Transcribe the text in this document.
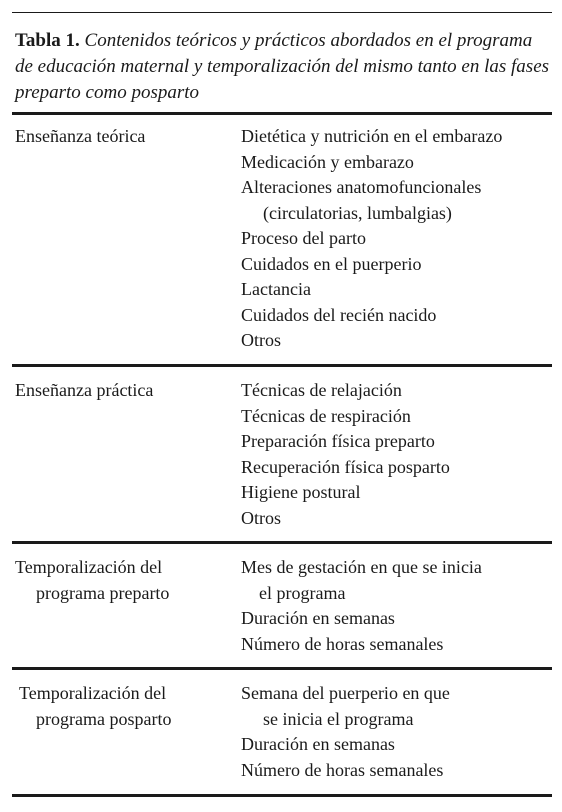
Tabla 1. Contenidos teóricos y prácticos abordados en el programa de educación maternal y temporalización del mismo tanto en las fases preparto como posparto
Enseñanza teórica	Dietética y nutrición en el embarazo
Medicación y embarazo
Alteraciones anatomofuncionales
(circulatorias, lumbalgias)
Proceso del parto
Cuidados en el puerperio
Lactancia
Cuidados del recién nacido
Otros
Enseñanza práctica	Técnicas de relajación
Técnicas de respiración
Preparación física preparto
Recuperación física posparto
Higiene postural
Otros
Temporalización del
programa preparto
Mes de gestación en que se inicia
el programa
Duración en semanas
Número de horas semanales
Temporalización del
programa posparto
Semana del puerperio en que
se inicia el programa
Duración en semanas
Número de horas semanales
